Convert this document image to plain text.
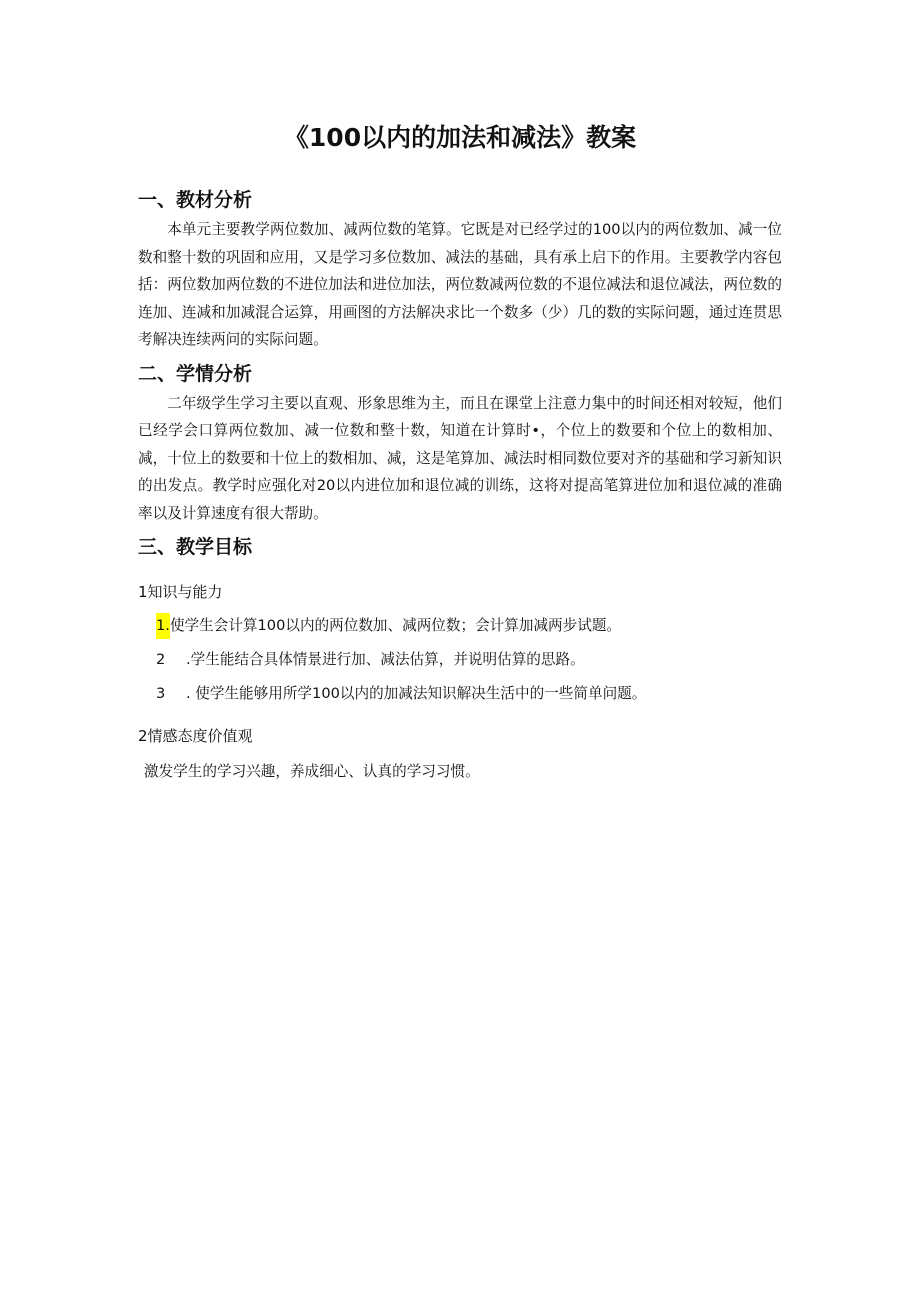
《100以内的加法和减法》教案
一、教材分析

本单元主要教学两位数加、减两位数的笔算。它既是对已经学过的100以内的两位数加、减一位数和整十数的巩固和应用，又是学习多位数加、减法的基础，具有承上启下的作用。主要教学内容包括：两位数加两位数的不进位加法和进位加法，两位数减两位数的不退位减法和退位减法，两位数的连加、连减和加减混合运算，用画图的方法解决求比一个数多（少）几的数的实际问题，通过连贯思考解决连续两问的实际问题。

二、学情分析

二年级学生学习主要以直观、形象思维为主，而且在课堂上注意力集中的时间还相对较短，他们已经学会口算两位数加、减一位数和整十数，知道在计算时•，个位上的数要和个位上的数相加、减，十位上的数要和十位上的数相加、减，这是笔算加、减法时相同数位要对齐的基础和学习新知识的出发点。教学时应强化对20以内进位加和退位减的训练，这将对提高笔算进位加和退位减的准确率以及计算速度有很大帮助。

三、教学目标
1知识与能力
1.使学生会计算100以内的两位数加、减两位数；会计算加减两步试题。
2 .学生能结合具体情景进行加、减法估算，并说明估算的思路。
3 . 使学生能够用所学100以内的加减法知识解决生活中的一些简单问题。
2情感态度价值观
激发学生的学习兴趣，养成细心、认真的学习习惯。
